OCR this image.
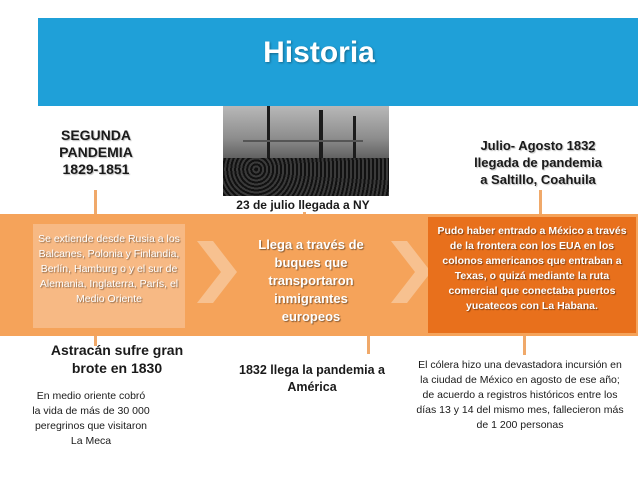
Historia
SEGUNDA
PANDEMIA
1829-1851
Julio- Agosto 1832
llegada de pandemia
a Saltillo, Coahuila
23 de julio llegada a NY
Se extiende desde Rusia a los Balcanes, Polonia y Finlandia, Berlín, Hamburg o y el sur de Alemania, Inglaterra, París, el Medio Oriente
Llega a través de buques que transportaron inmigrantes europeos
Pudo haber entrado a México a través de la frontera con los EUA en los colonos americanos que entraban a Texas, o quizá mediante la ruta comercial que conectaba puertos yucatecos con La Habana.
Astracán sufre gran
brote en 1830	1832 llega la pandemia a
América
En medio oriente cobró la vida de más de 30 000 peregrinos que visitaron La Meca
El cólera hizo una devastadora incursión en la ciudad de México en agosto de ese año; de acuerdo a registros históricos entre los días 13 y 14 del mismo mes, fallecieron más de 1 200 personas
